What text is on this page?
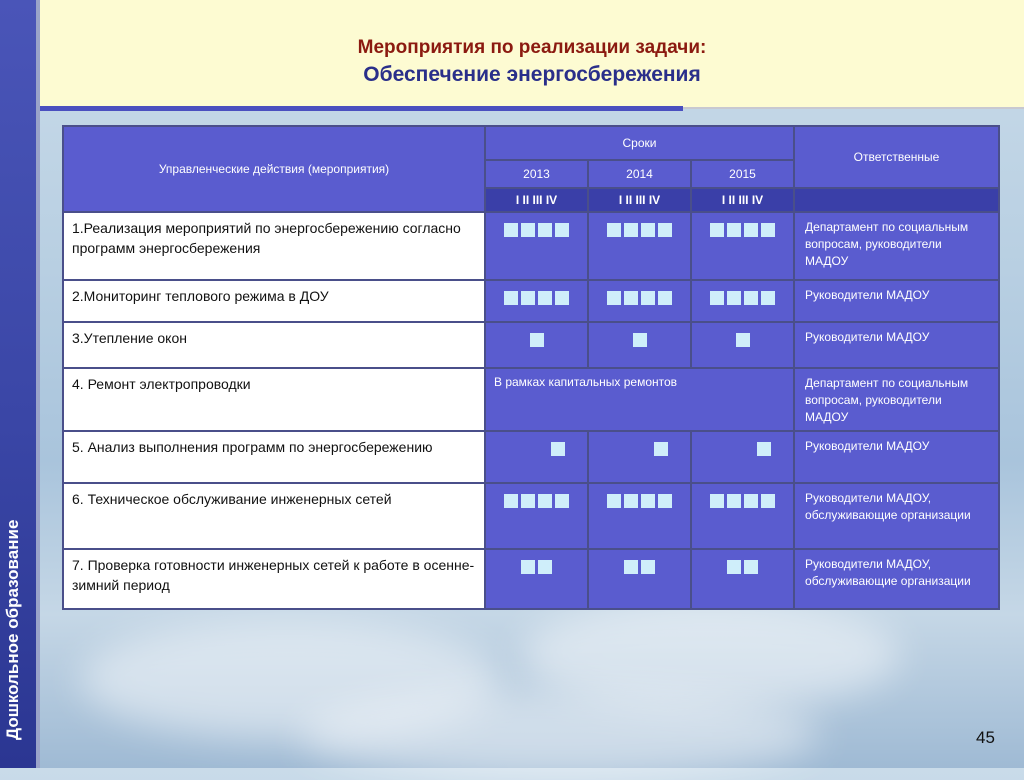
Мероприятия по реализации задачи:
Обеспечение энергосбережения
Дошкольное образование
Управленческие действия (мероприятия)	Сроки			Ответственные
	2013	2014	2015	
	I II III IV	I II III IV	I II III IV	
1.Реализация мероприятий по энергосбережению согласно программ энергосбережения				Департамент по социальным вопросам, руководители МАДОУ
2.Мониторинг теплового режима в ДОУ				Руководители МАДОУ
3.Утепление окон				Руководители МАДОУ
4. Ремонт электропроводки	В рамках капитальных ремонтов			Департамент по социальным вопросам, руководители МАДОУ
5. Анализ выполнения программ по энергосбережению				Руководители МАДОУ
6. Техническое обслуживание инженерных сетей				Руководители МАДОУ, обслуживающие организации
7. Проверка готовности инженерных сетей к работе в осенне-зимний период				Руководители МАДОУ, обслуживающие организации
45
